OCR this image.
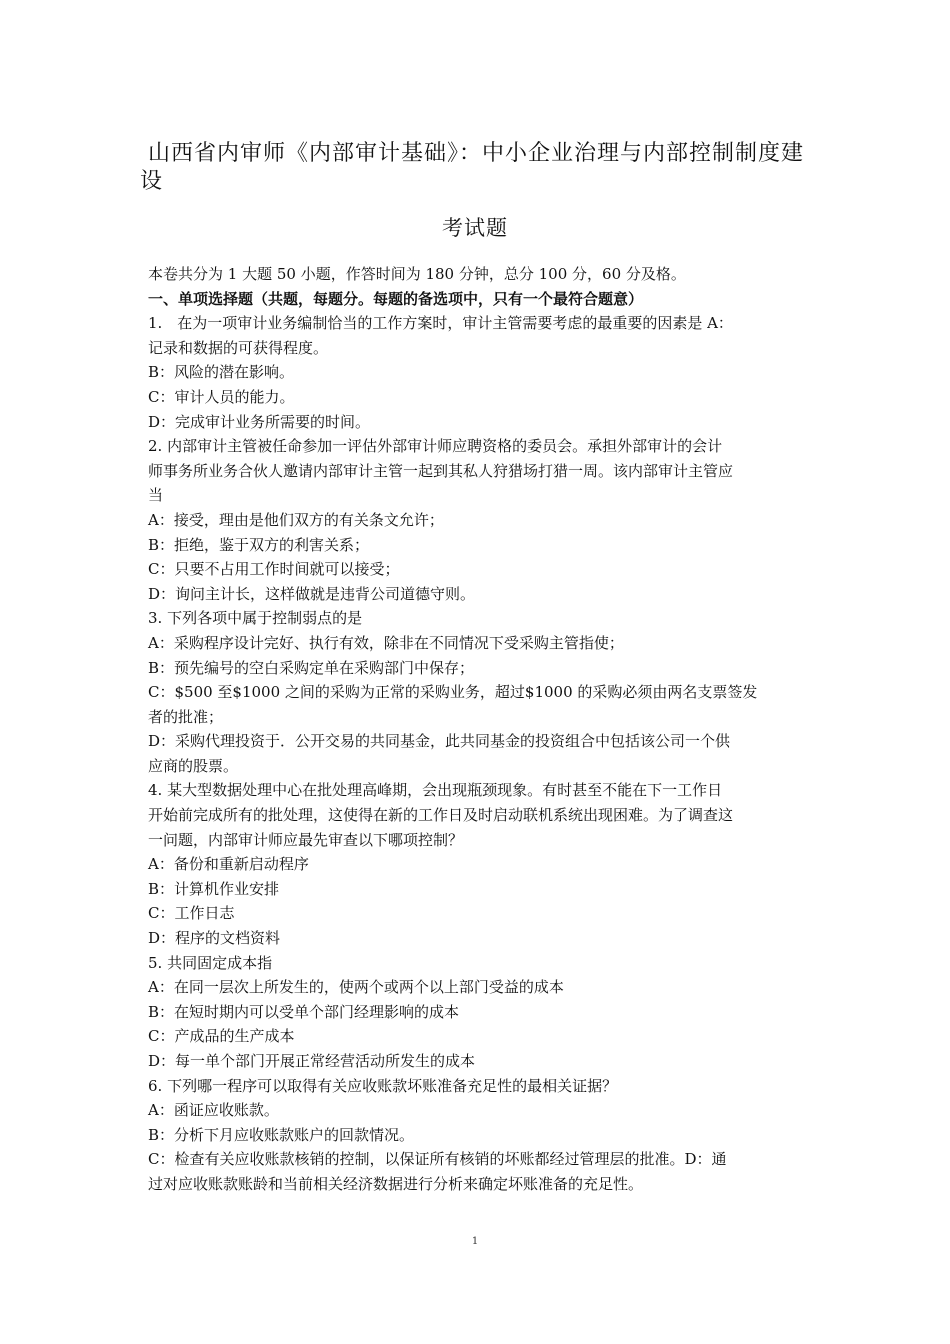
山西省内审师《内部审计基础》：中小企业治理与内部控制制度建
设
考试题

本卷共分为 1 大题 50 小题，作答时间为 180 分钟，总分 100 分，60 分及格。

一、单项选择题（共题，每题分。每题的备选项中，只有一个最符合题意）

1.　在为一项审计业务编制恰当的工作方案时，审计主管需要考虑的最重要的因素是 A：

记录和数据的可获得程度。

B：风险的潜在影响。

C：审计人员的能力。

D：完成审计业务所需要的时间。

2. 内部审计主管被任命参加一评估外部审计师应聘资格的委员会。承担外部审计的会计

师事务所业务合伙人邀请内部审计主管一起到其私人狩猎场打猎一周。该内部审计主管应

当

A：接受，理由是他们双方的有关条文允许；

B：拒绝，鉴于双方的利害关系；

C：只要不占用工作时间就可以接受；

D：询问主计长，这样做就是违背公司道德守则。

3. 下列各项中属于控制弱点的是

A：采购程序设计完好、执行有效，除非在不同情况下受采购主管指使；

B：预先编号的空白采购定单在采购部门中保存；

C：$500 至$1000 之间的采购为正常的采购业务，超过$1000 的采购必须由两名支票签发

者的批准；

D：采购代理投资于．公开交易的共同基金，此共同基金的投资组合中包括该公司一个供

应商的股票。

4. 某大型数据处理中心在批处理高峰期，会出现瓶颈现象。有时甚至不能在下一工作日

开始前完成所有的批处理，这使得在新的工作日及时启动联机系统出现困难。为了调查这

一问题，内部审计师应最先审查以下哪项控制？

A：备份和重新启动程序

B：计算机作业安排

C：工作日志

D：程序的文档资料

5. 共同固定成本指

A：在同一层次上所发生的，使两个或两个以上部门受益的成本

B：在短时期内可以受单个部门经理影响的成本

C：产成品的生产成本

D：每一单个部门开展正常经营活动所发生的成本

6. 下列哪一程序可以取得有关应收账款坏账准备充足性的最相关证据？

A：函证应收账款。

B：分析下月应收账款账户的回款情况。

C：检查有关应收账款核销的控制，以保证所有核销的坏账都经过管理层的批准。D：通

过对应收账款账龄和当前相关经济数据进行分析来确定坏账准备的充足性。

1
